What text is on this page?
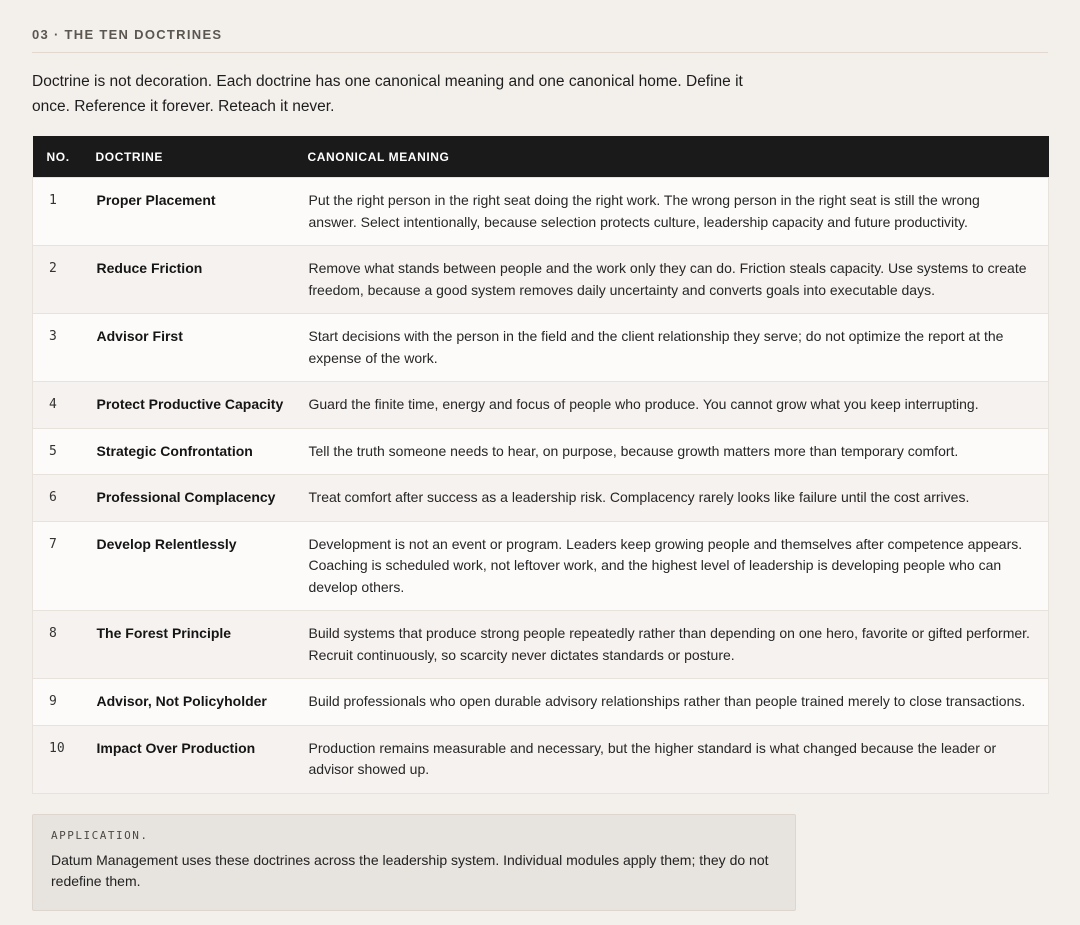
03 · THE TEN DOCTRINES

Doctrine is not decoration. Each doctrine has one canonical meaning and one canonical home. Define it once. Reference it forever. Reteach it never.

NO.	DOCTRINE	CANONICAL MEANING
1	Proper Placement	Put the right person in the right seat doing the right work. The wrong person in the right seat is still the wrong answer. Select intentionally, because selection protects culture, leadership capacity and future productivity.
2	Reduce Friction	Remove what stands between people and the work only they can do. Friction steals capacity. Use systems to create freedom, because a good system removes daily uncertainty and converts goals into executable days.
3	Advisor First	Start decisions with the person in the field and the client relationship they serve; do not optimize the report at the expense of the work.
4	Protect Productive Capacity	Guard the finite time, energy and focus of people who produce. You cannot grow what you keep interrupting.
5	Strategic Confrontation	Tell the truth someone needs to hear, on purpose, because growth matters more than temporary comfort.
6	Professional Complacency	Treat comfort after success as a leadership risk. Complacency rarely looks like failure until the cost arrives.
7	Develop Relentlessly	Development is not an event or program. Leaders keep growing people and themselves after competence appears. Coaching is scheduled work, not leftover work, and the highest level of leadership is developing people who can develop others.
8	The Forest Principle	Build systems that produce strong people repeatedly rather than depending on one hero, favorite or gifted performer. Recruit continuously, so scarcity never dictates standards or posture.
9	Advisor, Not Policyholder	Build professionals who open durable advisory relationships rather than people trained merely to close transactions.
10	Impact Over Production	Production remains measurable and necessary, but the higher standard is what changed because the leader or advisor showed up.
APPLICATION.
Datum Management uses these doctrines across the leadership system. Individual modules apply them; they do not redefine them.
